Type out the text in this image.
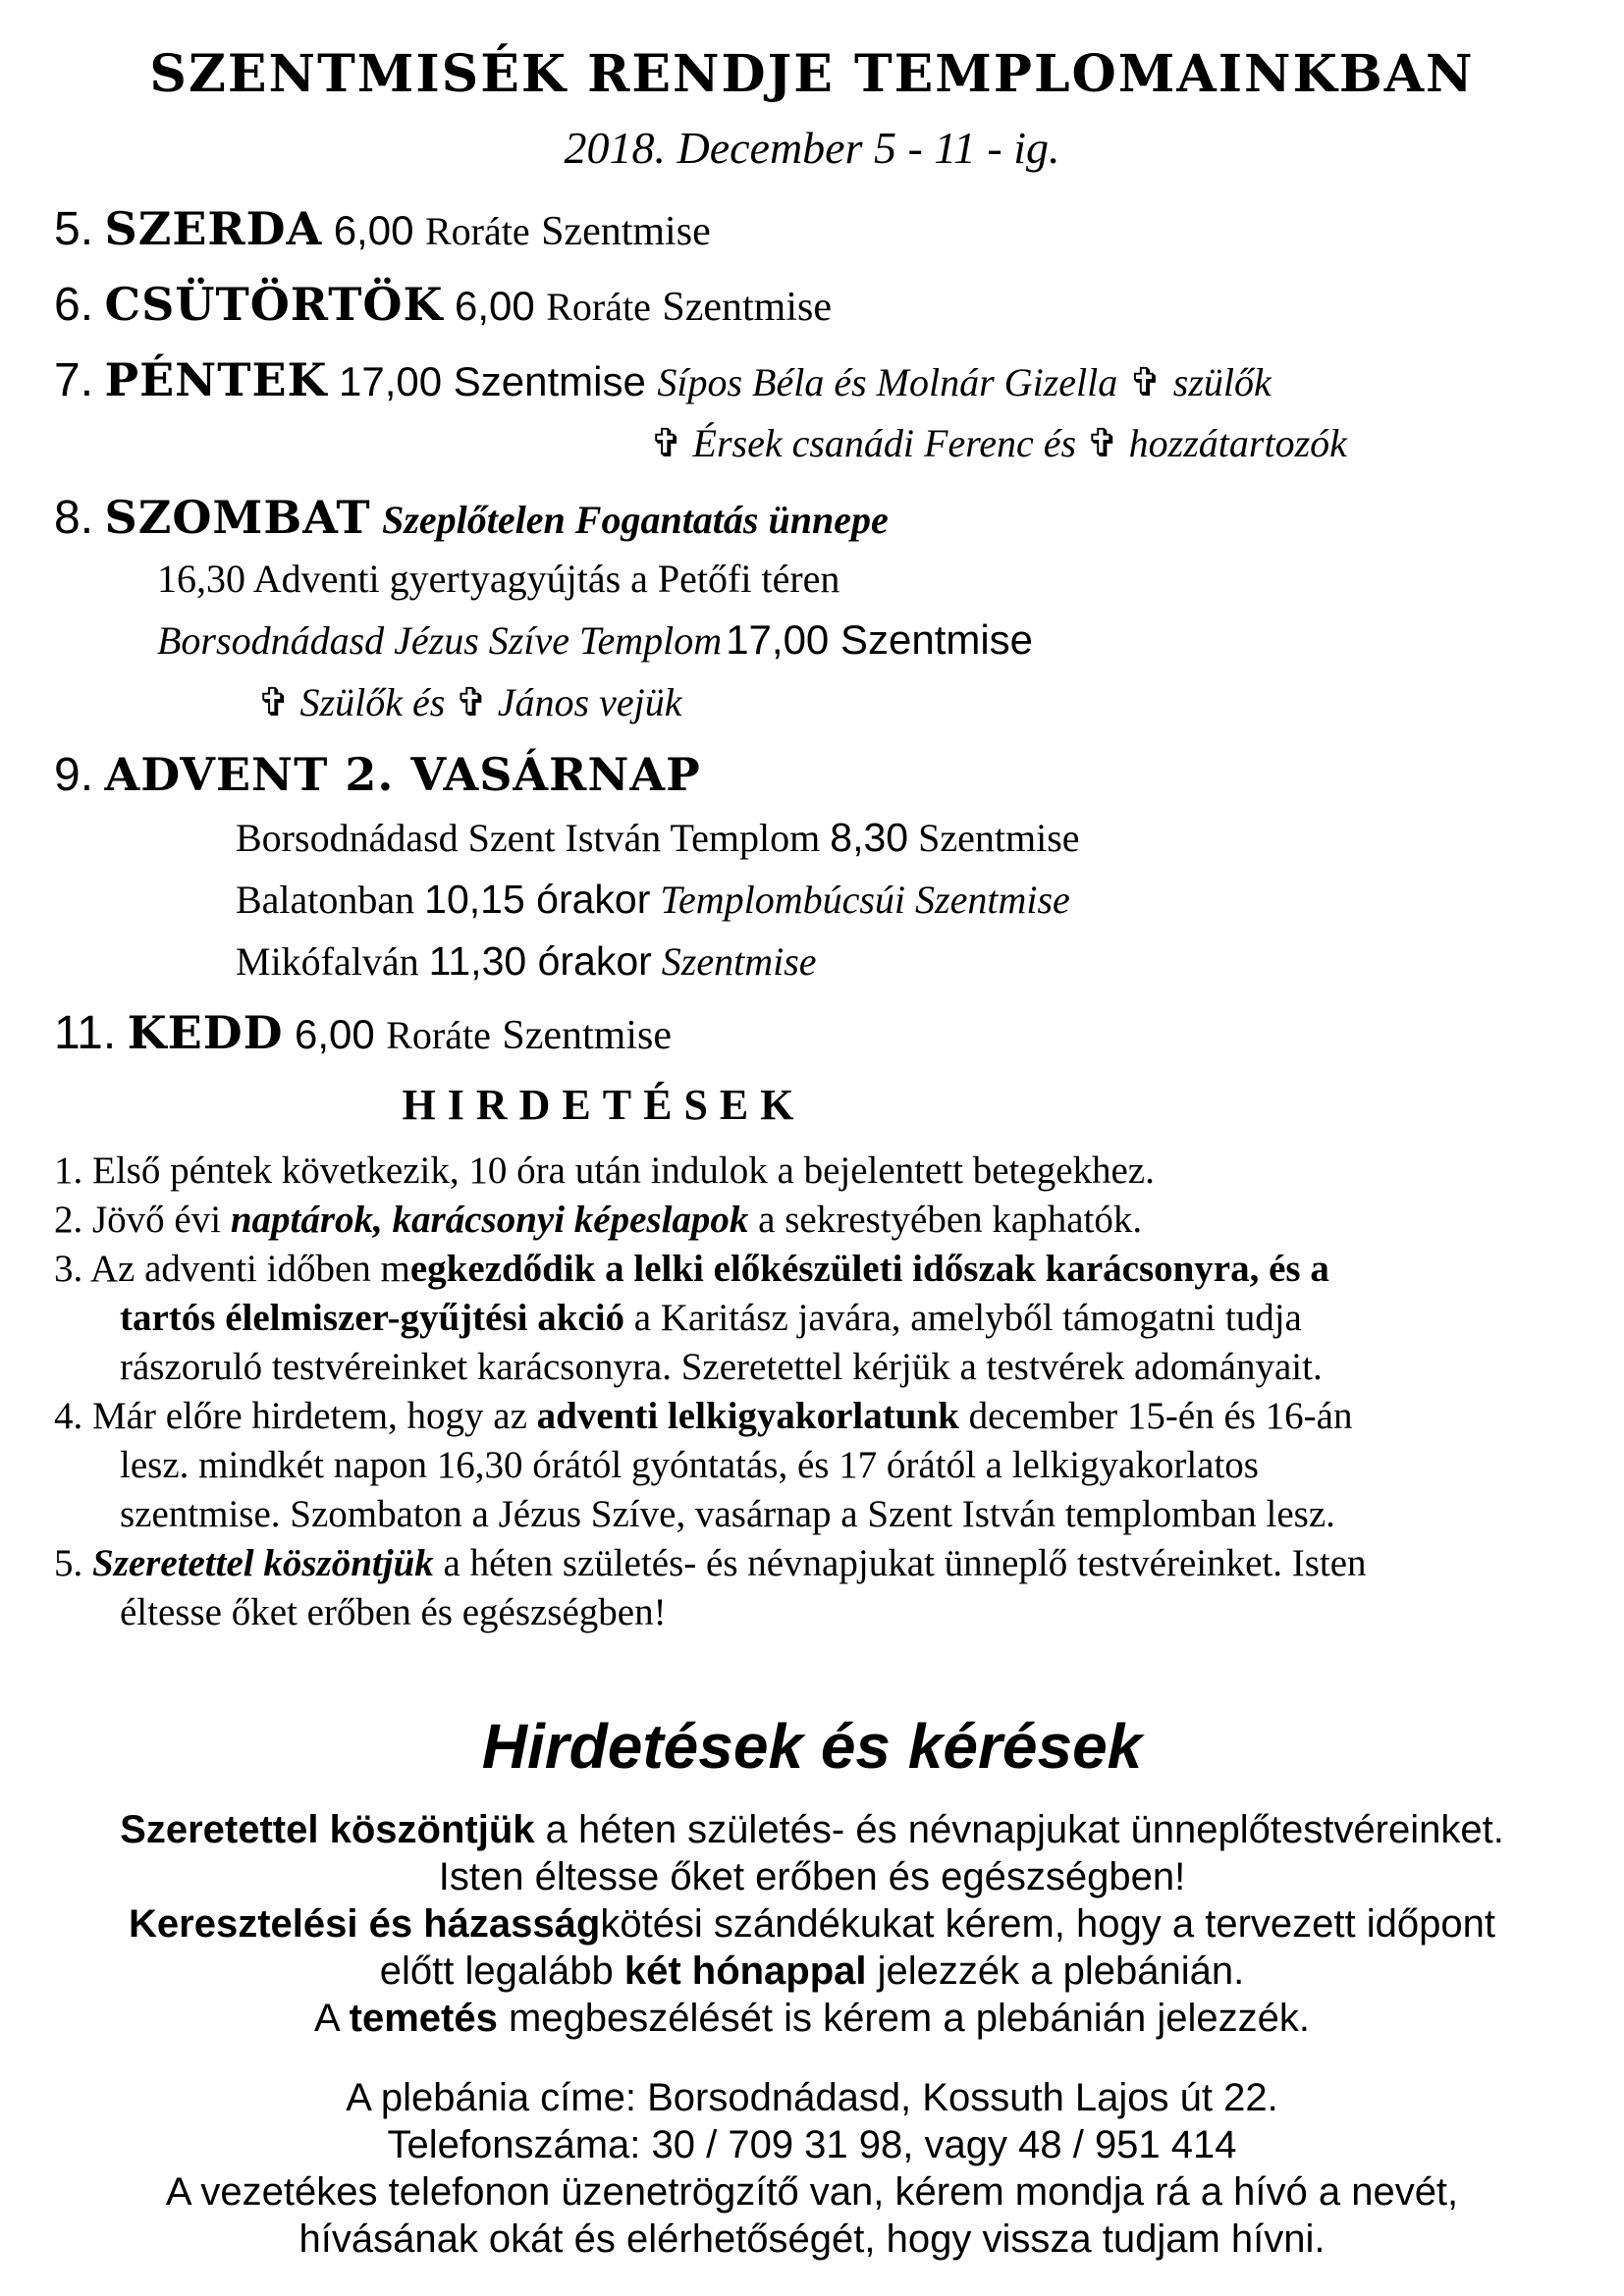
SZENTMISÉK RENDJE TEMPLOMAINKBAN
2018. December 5 - 11 - ig.
5. SZERDA 6,00 Roráte Szentmise
6. CSÜTÖRTÖK 6,00 Roráte Szentmise
7. PÉNTEK 17,00 Szentmise Sípos Béla és Molnár Gizella ✞ szülők
✞ Érsek csanádi Ferenc és ✞ hozzátartozók
8. SZOMBAT Szeplőtelen Fogantatás ünnepe
16,30 Adventi gyertyagyújtás a Petőfi téren
Borsodnádasd Jézus Szíve Templom 17,00 Szentmise
✞ Szülők és ✞ János vejük
9. ADVENT 2. VASÁRNAP
Borsodnádasd Szent István Templom 8,30 Szentmise
Balatonban 10,15 órakor Templombúcsúi Szentmise
Mikófalván 11,30 órakor Szentmise
11. KEDD 6,00 Roráte Szentmise
HIRDETÉSEK
1. Első péntek következik, 10 óra után indulok a bejelentett betegekhez.
2. Jövő évi naptárok, karácsonyi képeslapok a sekrestyében kaphatók.
3. Az adventi időben megkezdődik a lelki előkészületi időszak karácsonyra, és a
tartós élelmiszer-gyűjtési akció a Karitász javára, amelyből támogatni tudja
rászoruló testvéreinket karácsonyra. Szeretettel kérjük a testvérek adományait.
4. Már előre hirdetem, hogy az adventi lelkigyakorlatunk december 15-én és 16-án
lesz. mindkét napon 16,30 órától gyóntatás, és 17 órától a lelkigyakorlatos
szentmise. Szombaton a Jézus Szíve, vasárnap a Szent István templomban lesz.
5. Szeretettel köszöntjük a héten születés- és névnapjukat ünneplő testvéreinket. Isten
éltesse őket erőben és egészségben!
Hirdetések és kérések
Szeretettel köszöntjük a héten születés- és névnapjukat ünneplőtestvéreinket.
Isten éltesse őket erőben és egészségben!
Keresztelési és házasságkötési szándékukat kérem, hogy a tervezett időpont
előtt legalább két hónappal jelezzék a plebánián.
A temetés megbeszélését is kérem a plebánián jelezzék.
A plebánia címe: Borsodnádasd, Kossuth Lajos út 22.
Telefonszáma: 30 / 709 31 98, vagy 48 / 951 414
A vezetékes telefonon üzenetrögzítő van, kérem mondja rá a hívó a nevét,
hívásának okát és elérhetőségét, hogy vissza tudjam hívni.
